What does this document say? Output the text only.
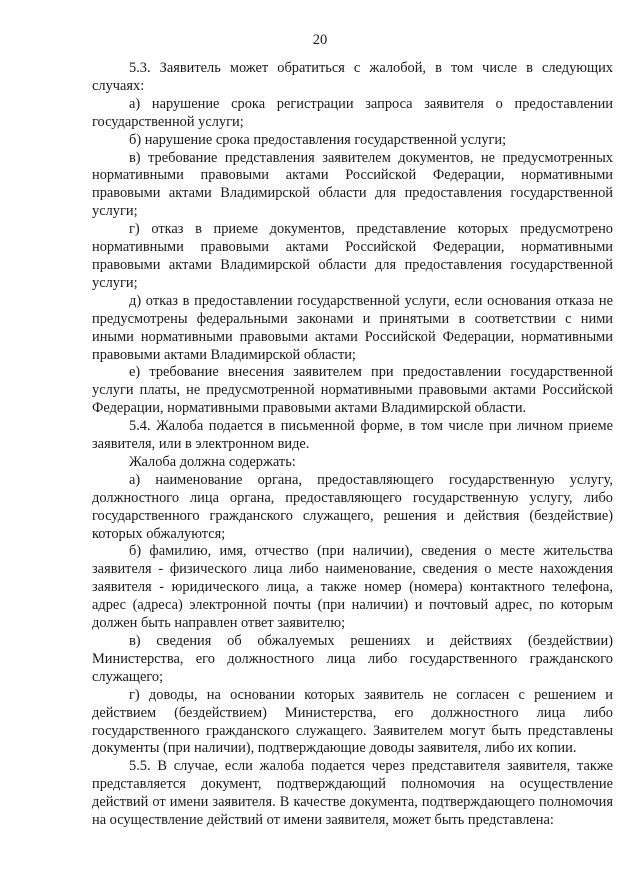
20

5.3. Заявитель может обратиться с жалобой, в том числе в следующих случаях:

а) нарушение срока регистрации запроса заявителя о предоставлении государственной услуги;

б) нарушение срока предоставления государственной услуги;

в) требование представления заявителем документов, не предусмотренных нормативными правовыми актами Российской Федерации, нормативными правовыми актами Владимирской области для предоставления государственной услуги;

г) отказ в приеме документов, представление которых предусмотрено нормативными правовыми актами Российской Федерации, нормативными правовыми актами Владимирской области для предоставления государственной услуги;

д) отказ в предоставлении государственной услуги, если основания отказа не предусмотрены федеральными законами и принятыми в соответствии с ними иными нормативными правовыми актами Российской Федерации, нормативными правовыми актами Владимирской области;

е) требование внесения заявителем при предоставлении государственной услуги платы, не предусмотренной нормативными правовыми актами Российской Федерации, нормативными правовыми актами Владимирской области.

5.4. Жалоба подается в письменной форме, в том числе при личном приеме заявителя, или в электронном виде.

Жалоба должна содержать:

а) наименование органа, предоставляющего государственную услугу, должностного лица органа, предоставляющего государственную услугу, либо государственного гражданского служащего, решения и действия (бездействие) которых обжалуются;

б) фамилию, имя, отчество (при наличии), сведения о месте жительства заявителя - физического лица либо наименование, сведения о месте нахождения заявителя - юридического лица, а также номер (номера) контактного телефона, адрес (адреса) электронной почты (при наличии) и почтовый адрес, по которым должен быть направлен ответ заявителю;

в) сведения об обжалуемых решениях и действиях (бездействии) Министерства, его должностного лица либо государственного гражданского служащего;

г) доводы, на основании которых заявитель не согласен с решением и действием (бездействием) Министерства, его должностного лица либо государственного гражданского служащего. Заявителем могут быть представлены документы (при наличии), подтверждающие доводы заявителя, либо их копии.

5.5. В случае, если жалоба подается через представителя заявителя, также представляется документ, подтверждающий полномочия на осуществление действий от имени заявителя. В качестве документа, подтверждающего полномочия на осуществление действий от имени заявителя, может быть представлена:
